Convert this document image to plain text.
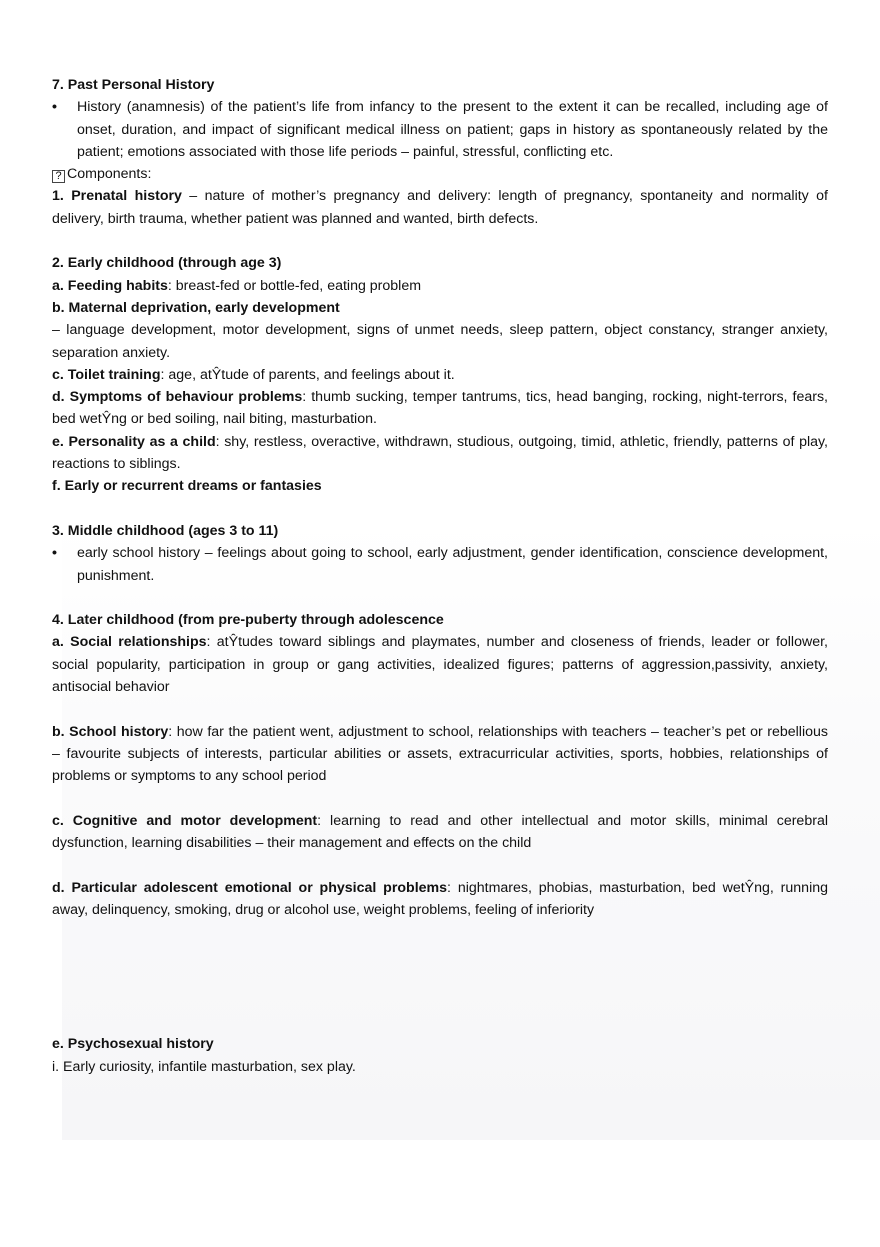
7. Past Personal History

• History (anamnesis) of the patient’s life from infancy to the present to the extent it can be recalled, including age of onset, duration, and impact of significant medical illness on patient; gaps in history as spontaneously related by the patient; emotions associated with those life periods – painful, stressful, conflicting etc.

? Components:

1. Prenatal history – nature of mother’s pregnancy and delivery: length of pregnancy, spontaneity and normality of delivery, birth trauma, whether patient was planned and wanted, birth defects.

2. Early childhood (through age 3)

a. Feeding habits: breast-fed or bottle-fed, eating problem

b. Maternal deprivation, early development

– language development, motor development, signs of unmet needs, sleep pattern, object constancy, stranger anxiety, separation anxiety.

c. Toilet training: age, atŶtude of parents, and feelings about it.

d. Symptoms of behaviour problems: thumb sucking, temper tantrums, tics, head banging, rocking, night-terrors, fears, bed wetŶng or bed soiling, nail biting, masturbation.

e. Personality as a child: shy, restless, overactive, withdrawn, studious, outgoing, timid, athletic, friendly, patterns of play, reactions to siblings.

f. Early or recurrent dreams or fantasies

3. Middle childhood (ages 3 to 11)

• early school history – feelings about going to school, early adjustment, gender identification, conscience development, punishment.

4. Later childhood (from pre-puberty through adolescence

a. Social relationships: atŶtudes toward siblings and playmates, number and closeness of friends, leader or follower, social popularity, participation in group or gang activities, idealized figures; patterns of aggression,passivity, anxiety, antisocial behavior

b. School history: how far the patient went, adjustment to school, relationships with teachers – teacher’s pet or rebellious – favourite subjects of interests, particular abilities or assets, extracurricular activities, sports, hobbies, relationships of problems or symptoms to any school period

c. Cognitive and motor development: learning to read and other intellectual and motor skills, minimal cerebral dysfunction, learning disabilities – their management and effects on the child

d. Particular adolescent emotional or physical problems: nightmares, phobias, masturbation, bed wetŶng, running away, delinquency, smoking, drug or alcohol use, weight problems, feeling of inferiority

e. Psychosexual history

i. Early curiosity, infantile masturbation, sex play.
